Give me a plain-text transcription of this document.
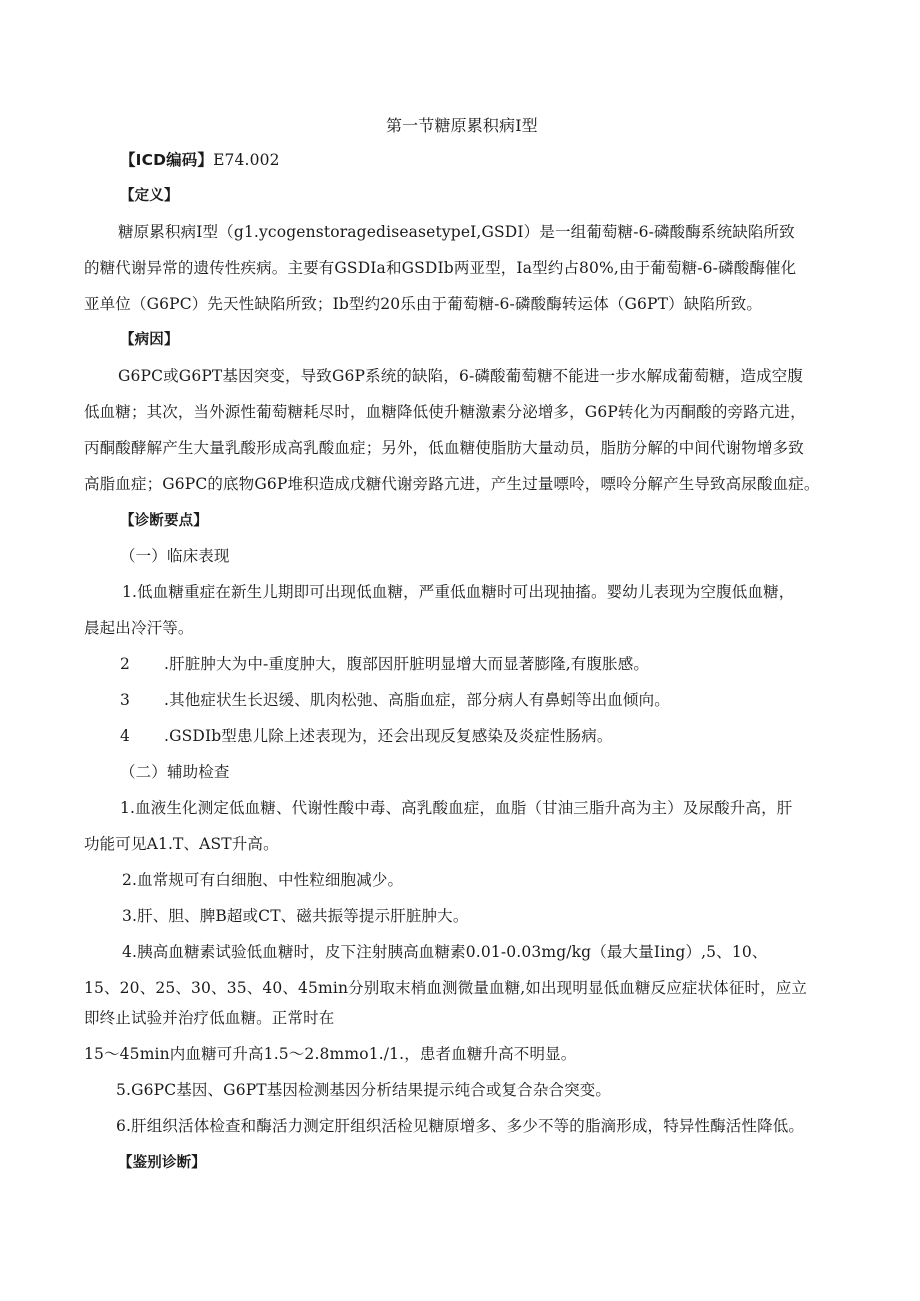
第一节糖原累积病Ⅰ型

【ICD编码】E74.002

【定义】

糖原累积病Ⅰ型（g1.ycogenstoragediseasetypeI,GSDI）是一组葡萄糖-6-磷酸酶系统缺陷所致

的糖代谢异常的遗传性疾病。主要有GSDIa和GSDIb两亚型，Ia型约占80%,由于葡萄糖-6-磷酸酶催化

亚单位（G6PC）先天性缺陷所致；Ib型约20乐由于葡萄糖-6-磷酸酶转运体（G6PT）缺陷所致。

【病因】

G6PC或G6PT基因突变，导致G6P系统的缺陷，6-磷酸葡萄糖不能进一步水解成葡萄糖，造成空腹

低血糖；其次，当外源性葡萄糖耗尽时，血糖降低使升糖激素分泌增多，G6P转化为丙酮酸的旁路亢进，

丙酮酸酵解产生大量乳酸形成高乳酸血症；另外，低血糖使脂肪大量动员，脂肪分解的中间代谢物增多致

高脂血症；G6PC的底物G6P堆积造成戊糖代谢旁路亢进，产生过量嘌呤，嘌呤分解产生导致高尿酸血症。

【诊断要点】

（一）临床表现

1.低血糖重症在新生儿期即可出现低血糖，严重低血糖时可出现抽搐。婴幼儿表现为空腹低血糖，

晨起出冷汗等。

2 .肝脏肿大为中-重度肿大，腹部因肝脏明显增大而显著膨隆,有腹胀感。

3 .其他症状生长迟缓、肌肉松弛、高脂血症，部分病人有鼻蚓等出血倾向。

4 .GSDIb型患儿除上述表现为，还会出现反复感染及炎症性肠病。

（二）辅助检查

1.血液生化测定低血糖、代谢性酸中毒、高乳酸血症，血脂（甘油三脂升高为主）及尿酸升高，肝

功能可见A1.T、AST升高。

2.血常规可有白细胞、中性粒细胞减少。

3.肝、胆、脾B超或CT、磁共振等提示肝脏肿大。

4.胰高血糖素试验低血糖时，皮下注射胰高血糖素0.01-0.03mg/kg（最大量Iing）,5、10、

15、20、25、30、35、40、45min分别取末梢血测微量血糖,如出现明显低血糖反应症状体征时，应立

即终止试验并治疗低血糖。正常时在

15～45min内血糖可升高1.5～2.8mmo1./1.，患者血糖升高不明显。

5.G6PC基因、G6PT基因检测基因分析结果提示纯合或复合杂合突变。

6.肝组织活体检查和酶活力测定肝组织活检见糖原增多、多少不等的脂滴形成，特异性酶活性降低。

【鉴别诊断】
